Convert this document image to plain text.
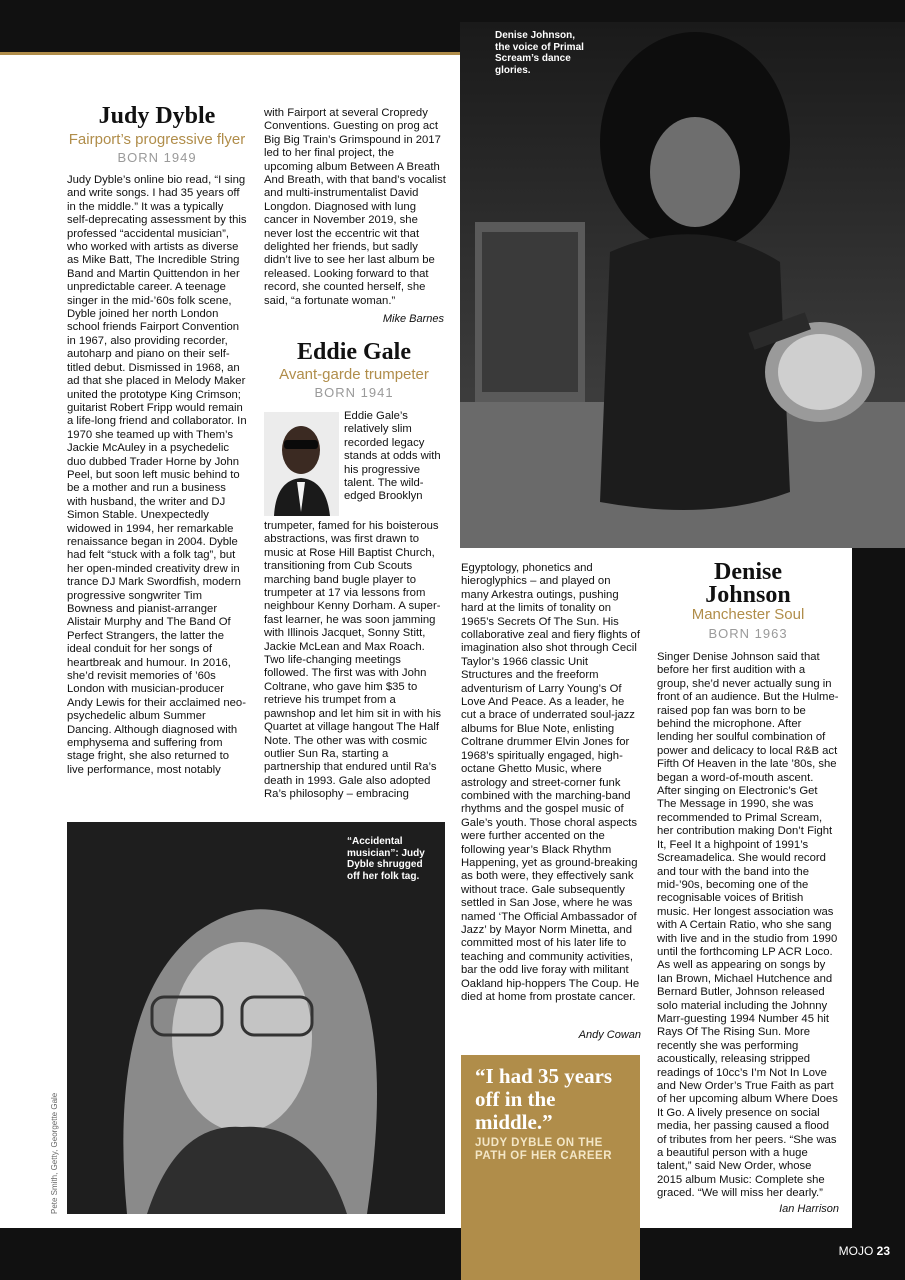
Denise Johnson, the voice of Primal Scream’s dance glories.
Judy Dyble
Fairport’s progressive flyer
BORN 1949
Judy Dyble’s online bio read, “I sing and write songs. I had 35 years off in the middle.” It was a typically self-deprecating assessment by this professed “accidental musician”, who worked with artists as diverse as Mike Batt, The Incredible String Band and Martin Quittendon in her unpredictable career. A teenage singer in the mid-’60s folk scene, Dyble joined her north London school friends Fairport Convention in 1967, also providing recorder, autoharp and piano on their self-titled debut. Dismissed in 1968, an ad that she placed in Melody Maker united the prototype King Crimson; guitarist Robert Fripp would remain a life-long friend and collaborator. In 1970 she teamed up with Them’s Jackie McAuley in a psychedelic duo dubbed Trader Horne by John Peel, but soon left music behind to be a mother and run a business with husband, the writer and DJ Simon Stable. Unexpectedly widowed in 1994, her remarkable renaissance began in 2004. Dyble had felt “stuck with a folk tag”, but her open-minded creativity drew in trance DJ Mark Swordfish, modern progressive songwriter Tim Bowness and pianist-arranger Alistair Murphy and The Band Of Perfect Strangers, the latter the ideal conduit for her songs of heartbreak and humour. In 2016, she’d revisit memories of ’60s London with musician-producer Andy Lewis for their acclaimed neo-psychedelic album Summer Dancing. Although diagnosed with emphysema and suffering from stage fright, she also returned to live performance, most notably
with Fairport at several Cropredy Conventions. Guesting on prog act Big Big Train’s Grimspound in 2017 led to her final project, the upcoming album Between A Breath And Breath, with that band’s vocalist and multi-instrumentalist David Longdon. Diagnosed with lung cancer in November 2019, she never lost the eccentric wit that delighted her friends, but sadly didn’t live to see her last album be released. Looking forward to that record, she counted herself, she said, “a fortunate woman.”
Mike Barnes
Eddie Gale
Avant-garde trumpeter
BORN 1941
Eddie Gale’s relatively slim recorded legacy stands at odds with his progressive talent. The wild-edged Brooklyn
trumpeter, famed for his boisterous abstractions, was first drawn to music at Rose Hill Baptist Church, transitioning from Cub Scouts marching band bugle player to trumpeter at 17 via lessons from neighbour Kenny Dorham. A super-fast learner, he was soon jamming with Illinois Jacquet, Sonny Stitt, Jackie McLean and Max Roach. Two life-changing meetings followed. The first was with John Coltrane, who gave him $35 to retrieve his trumpet from a pawnshop and let him sit in with his Quartet at village hangout The Half Note. The other was with cosmic outlier Sun Ra, starting a partnership that endured until Ra’s death in 1993. Gale also adopted Ra’s philosophy – embracing
Egyptology, phonetics and hieroglyphics – and played on many Arkestra outings, pushing hard at the limits of tonality on 1965’s Secrets Of The Sun. His collaborative zeal and fiery flights of imagination also shot through Cecil Taylor’s 1966 classic Unit Structures and the freeform adventurism of Larry Young’s Of Love And Peace. As a leader, he cut a brace of underrated soul-jazz albums for Blue Note, enlisting Coltrane drummer Elvin Jones for 1968’s spiritually engaged, high-octane Ghetto Music, where astrology and street-corner funk combined with the marching-band rhythms and the gospel music of Gale’s youth. Those choral aspects were further accented on the following year’s Black Rhythm Happening, yet as ground-breaking as both were, they effectively sank without trace. Gale subsequently settled in San Jose, where he was named ‘The Official Ambassador of Jazz’ by Mayor Norm Minetta, and committed most of his later life to teaching and community activities, bar the odd live foray with militant Oakland hip-hoppers The Coup. He died at home from prostate cancer.
Andy Cowan
Denise
Johnson
Manchester Soul
BORN 1963
Singer Denise Johnson said that before her first audition with a group, she’d never actually sung in front of an audience. But the Hulme-raised pop fan was born to be behind the microphone. After lending her soulful combination of power and delicacy to local R&B act Fifth Of Heaven in the late ’80s, she began a word-of-mouth ascent. After singing on Electronic’s Get The Message in 1990, she was recommended to Primal Scream, her contribution making Don’t Fight It, Feel It a highpoint of 1991’s Screamadelica. She would record and tour with the band into the mid-’90s, becoming one of the recognisable voices of British music. Her longest association was with A Certain Ratio, who she sang with live and in the studio from 1990 until the forthcoming LP ACR Loco. As well as appearing on songs by Ian Brown, Michael Hutchence and Bernard Butler, Johnson released solo material including the Johnny Marr-guesting 1994 Number 45 hit Rays Of The Rising Sun. More recently she was performing acoustically, releasing stripped readings of 10cc’s I’m Not In Love and New Order’s True Faith as part of her upcoming album Where Does It Go. A lively presence on social media, her passing caused a flood of tributes from her peers. “She was a beautiful person with a huge talent,” said New Order, whose 2015 album Music: Complete she graced. “We will miss her dearly.”
Ian Harrison
“Accidental musician”: Judy Dyble shrugged off her folk tag.
Pete Smith, Getty, Georgette Gale
“I had 35 years off in the middle.”
JUDY DYBLE ON THE PATH OF HER CAREER
MOJO 23
